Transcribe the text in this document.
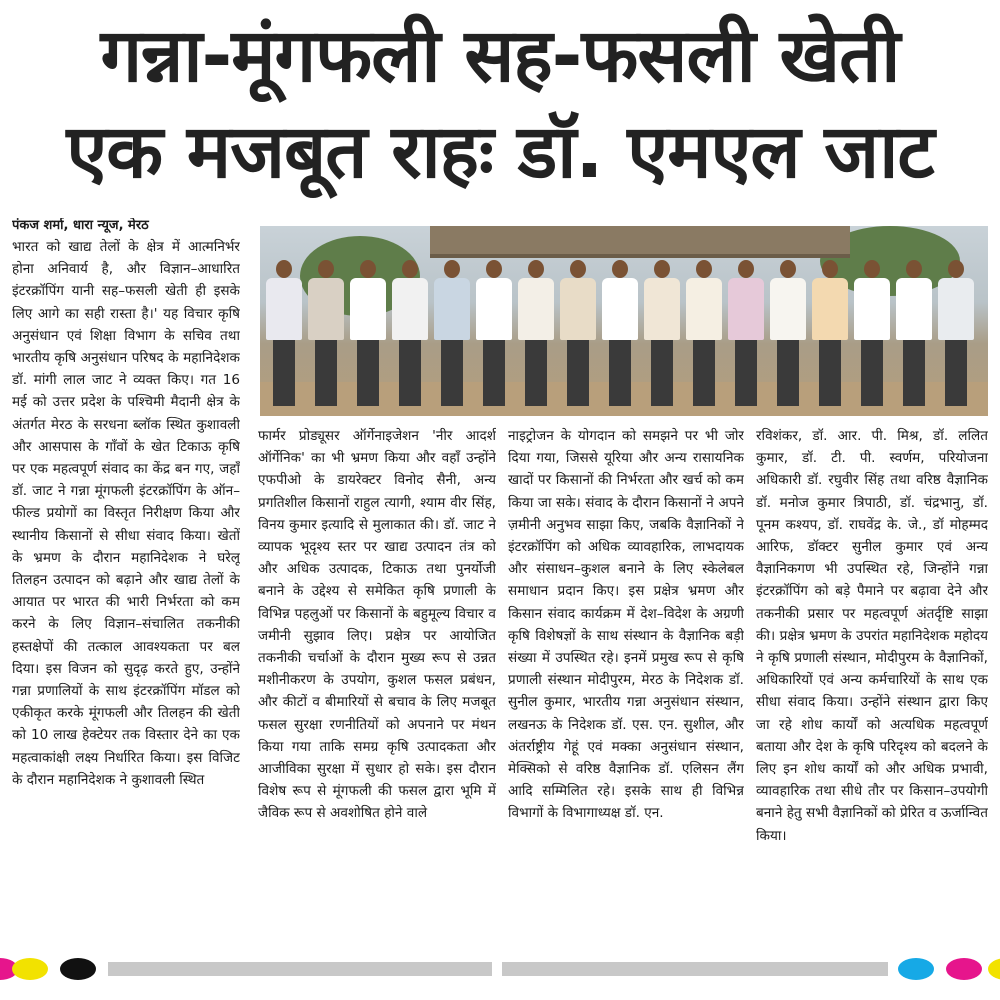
गन्ना-मूंगफली सह-फसली खेती
एक मजबूत राहः डॉ. एमएल जाट
पंकज शर्मा, धारा न्यूज, मेरठ
भारत को खाद्य तेलों के क्षेत्र में आत्मनिर्भर होना अनिवार्य है, और विज्ञान–आधारित इंटरक्रॉपिंग यानी सह–फसली खेती ही इसके लिए आगे का सही रास्ता है।' यह विचार कृषि अनुसंधान एवं शिक्षा विभाग के सचिव तथा भारतीय कृषि अनुसंधान परिषद के महानिदेशक डॉ. मांगी लाल जाट ने व्यक्त किए। गत 16 मई को उत्तर प्रदेश के पश्चिमी मैदानी क्षेत्र के अंतर्गत मेरठ के सरधना ब्लॉक स्थित कुशावली और आसपास के गाँवों के खेत टिकाऊ कृषि पर एक महत्वपूर्ण संवाद का केंद्र बन गए, जहाँ डॉ. जाट ने गन्ना मूंगफली इंटरक्रॉपिंग के ऑन–फील्ड प्रयोगों का विस्तृत निरीक्षण किया और स्थानीय किसानों से सीधा संवाद किया। खेतों के भ्रमण के दौरान महानिदेशक ने घरेलू तिलहन उत्पादन को बढ़ाने और खाद्य तेलों के आयात पर भारत की भारी निर्भरता को कम करने के लिए विज्ञान–संचालित तकनीकी हस्तक्षेपों की तत्काल आवश्यकता पर बल दिया। इस विजन को सुदृढ़ करते हुए, उन्होंने गन्ना प्रणालियों के साथ इंटरक्रॉपिंग मॉडल को एकीकृत करके मूंगफली और तिलहन की खेती को 10 लाख हेक्टेयर तक विस्तार देने का एक महत्वाकांक्षी लक्ष्य निर्धारित किया। इस विजिट के दौरान महानिदेशक ने कुशावली स्थित
फार्मर प्रोड्यूसर ऑर्गेनाइजेशन 'नीर आदर्श ऑर्गेनिक' का भी भ्रमण किया और वहाँ उन्होंने एफपीओ के डायरेक्टर विनोद सैनी, अन्य प्रगतिशील किसानों राहुल त्यागी, श्याम वीर सिंह, विनय कुमार इत्यादि से मुलाकात की। डॉ. जाट ने व्यापक भूदृश्य स्तर पर खाद्य उत्पादन तंत्र को और अधिक उत्पादक, टिकाऊ तथा पुनर्योजी बनाने के उद्देश्य से समेकित कृषि प्रणाली के विभिन्न पहलुओं पर किसानों के बहुमूल्य विचार व जमीनी सुझाव लिए। प्रक्षेत्र पर आयोजित तकनीकी चर्चाओं के दौरान मुख्य रूप से उन्नत मशीनीकरण के उपयोग, कुशल फसल प्रबंधन, और कीटों व बीमारियों से बचाव के लिए मजबूत फसल सुरक्षा रणनीतियों को अपनाने पर मंथन किया गया ताकि समग्र कृषि उत्पादकता और आजीविका सुरक्षा में सुधार हो सके। इस दौरान विशेष रूप से मूंगफली की फसल द्वारा भूमि में जैविक रूप से अवशोषित होने वाले
नाइट्रोजन के योगदान को समझने पर भी जोर दिया गया, जिससे यूरिया और अन्य रासायनिक खादों पर किसानों की निर्भरता और खर्च को कम किया जा सके। संवाद के दौरान किसानों ने अपने ज़मीनी अनुभव साझा किए, जबकि वैज्ञानिकों ने इंटरक्रॉपिंग को अधिक व्यावहारिक, लाभदायक और संसाधन–कुशल बनाने के लिए स्केलेबल समाधान प्रदान किए। इस प्रक्षेत्र भ्रमण और किसान संवाद कार्यक्रम में देश–विदेश के अग्रणी कृषि विशेषज्ञों के साथ संस्थान के वैज्ञानिक बड़ी संख्या में उपस्थित रहे। इनमें प्रमुख रूप से कृषि प्रणाली संस्थान मोदीपुरम, मेरठ के निदेशक डॉ. सुनील कुमार, भारतीय गन्ना अनुसंधान संस्थान, लखनऊ के निदेशक डॉ. एस. एन. सुशील, और अंतर्राष्ट्रीय गेहूं एवं मक्का अनुसंधान संस्थान, मेक्सिको से वरिष्ठ वैज्ञानिक डॉ. एलिसन लैंग आदि सम्मिलित रहे। इसके साथ ही विभिन्न विभागों के विभागाध्यक्ष डॉ. एन.
रविशंकर, डॉ. आर. पी. मिश्र, डॉ. ललित कुमार, डॉ. टी. पी. स्वर्णम, परियोजना अधिकारी डॉ. रघुवीर सिंह तथा वरिष्ठ वैज्ञानिक डॉ. मनोज कुमार त्रिपाठी, डॉ. चंद्रभानु, डॉ. पूनम कश्यप, डॉ. राघवेंद्र के. जे., डॉ मोहम्मद आरिफ, डॉक्टर सुनील कुमार एवं अन्य वैज्ञानिकगण भी उपस्थित रहे, जिन्होंने गन्ना इंटरक्रॉपिंग को बड़े पैमाने पर बढ़ावा देने और तकनीकी प्रसार पर महत्वपूर्ण अंतर्दृष्टि साझा की। प्रक्षेत्र भ्रमण के उपरांत महानिदेशक महोदय ने कृषि प्रणाली संस्थान, मोदीपुरम के वैज्ञानिकों, अधिकारियों एवं अन्य कर्मचारियों के साथ एक सीधा संवाद किया। उन्होंने संस्थान द्वारा किए जा रहे शोध कार्यों को अत्यधिक महत्वपूर्ण बताया और देश के कृषि परिदृश्य को बदलने के लिए इन शोध कार्यों को और अधिक प्रभावी, व्यावहारिक तथा सीधे तौर पर किसान–उपयोगी बनाने हेतु सभी वैज्ञानिकों को प्रेरित व ऊर्जान्वित किया।
